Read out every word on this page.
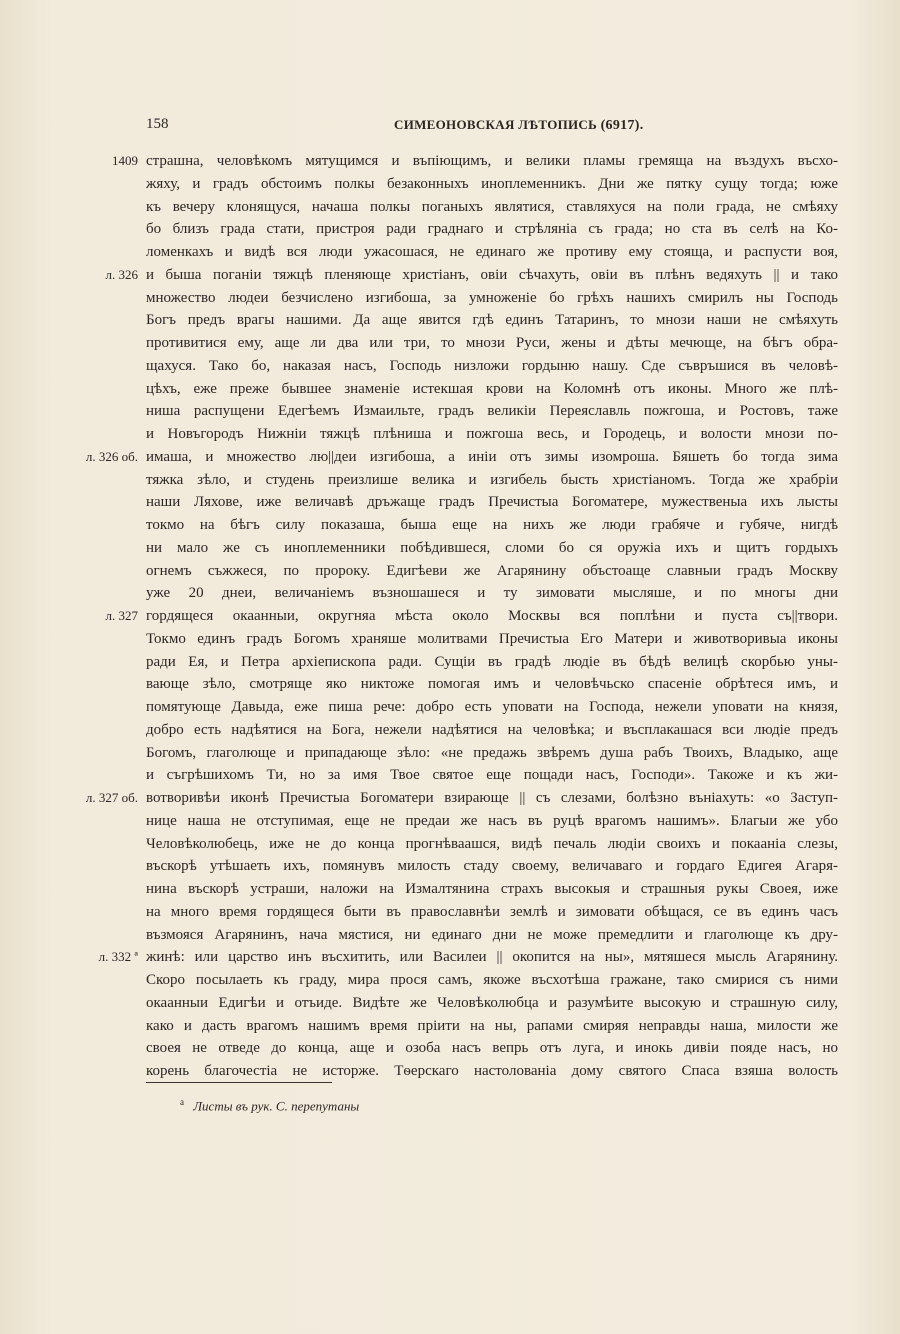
158	СИМЕОНОВСКАЯ ЛѢТОПИСЬ (6917).
1409 страшна, человѣкомъ мятущимся и въпiющимъ, и велики пламы гремяща на въздухъ въсхо-
жяху, и градъ обстоимъ полкы безаконныхъ иноплеменникъ. Дни же пятку сущу тогда; юже
къ вечеру клонящуся, начаша полкы поганыхъ являтися, ставляхуся на поли града, не смѣяху
бо близъ града стати, пристроя ради граднаго и стрѣлянiа съ града; но ста въ селѣ на Ко-
ломенкахъ и видѣ вся люди ужасошася, не единаго же противу ему стояща, и распусти воя,
л. 326 и быша поганiи тяжцѣ пленяюще христiанъ, овiи сѣчахуть, овiи въ плѣнъ ведяхуть || и тако
множество людеи безчислено изгибоша, за умноженiе бо грѣхъ нашихъ смирилъ ны Господь
Богъ предъ врагы нашими. Да аще явится гдѣ единъ Татаринъ, то мнози наши не смѣяхуть
противитися ему, аще ли два или три, то мнози Руси, жены и дѣты мечюще, на бѣгъ обра-
щахуся. Тако бо, наказая насъ, Господь низложи гордыню нашу. Сде съвръшися въ человѣ-
цѣхъ, еже преже бывшее знаменiе истекшая крови на Коломнѣ отъ иконы. Много же плѣ-
ниша распущени Едегѣемъ Измаильте, градъ великiи Переяславль пожгоша, и Ростовъ, таже
и Новъгородъ Нижнiи тяжцѣ плѣниша и пожгоша весь, и Городець, и волости мнози по-
л. 326 об. имаша, и множество лю||деи изгибоша, а инiи отъ зимы изомроша. Бяшеть бо тогда зима
тяжка зѣло, и студень преизлише велика и изгибель бысть христiаномъ. Тогда же храбрiи
наши Ляхове, иже величавѣ дръжаще градъ Пречистыа Богоматере, мужественыа ихъ лысты
токмо на бѣгъ силу показаша, быша еще на нихъ же люди грабяче и губяче, нигдѣ
ни мало же съ иноплеменники побѣдившеся, сломи бо ся оружiа ихъ и щитъ гордыхъ
огнемъ съжжеся, по пророку. Едигѣеви же Агарянину объстоаще славныи градъ Москву
уже 20 днеи, величанiемъ възношашеся и ту зимовати мысляше, и по многы дни
л. 327 гордящеся окаанныи, округняа мѣста около Москвы вся поплѣни и пуста съ||твори.
Токмо единъ градъ Богомъ храняше молитвами Пречистыа Его Матери и животворивыа иконы
ради Ея, и Петра архiепископа ради. Сущiи въ градѣ людiе въ бѣдѣ велицѣ скорбью уны-
вающе зѣло, смотряще яко никтоже помогая имъ и человѣчьско спасенiе обрѣтеся имъ, и
помятующе Давыда, еже пиша рече: добро есть уповати на Господа, нежели уповати на князя,
добро есть надѣятися на Бога, нежели надѣятися на человѣка; и въсплакашася вси людiе предъ
Богомъ, глаголюще и припадающе зѣло: «не предажь звѣремъ душа рабъ Твоихъ, Владыко, аще
и съгрѣшихомъ Ти, но за имя Твое святое еще пощади насъ, Господи». Такоже и къ жи-
л. 327 об. вотворивѣи иконѣ Пречистыа Богоматери взирающе || съ слезами, болѣзно вънiахуть: «о Заступ-
нице наша не отступимая, еще не предаи же насъ въ руцѣ врагомъ нашимъ». Благыи же убо
Человѣколюбець, иже не до конца прогнѣваашся, видѣ печаль людiи своихъ и покаанiа слезы,
въскорѣ утѣшаеть ихъ, помянувъ милость стаду своему, величаваго и гордаго Едигея Агаря-
нина въскорѣ устраши, наложи на Измалтянина страхъ высокыя и страшныя рукы Своея, иже
на много время гордящеся быти въ православнѣи землѣ и зимовати обѣщася, се въ единъ часъ
възмояся Агарянинъ, нача мястися, ни единаго дни не може премедлити и глаголюще къ дру-
л. 332 ª жинѣ: или царство инъ въсхитить, или Василеи || окопится на ны», мятяшеся мысль Агарянину.
Скоро посылаеть къ граду, мира прося самъ, якоже въсхотѣша гражане, тако смирися съ ними
окаанныи Едигѣи и отъиде. Видѣте же Человѣколюбца и разумѣите высокую и страшную силу,
како и дасть врагомъ нашимъ время прiити на ны, рапами смиряя неправды наша, милости же
своея не отведе до конца, аще и озоба насъ вепрь отъ луга, и инокь дивiи пояде насъ, но
корень благочестiа не исторже. Тѳерскаго настолованiа дому святого Спаса взяша волость
$^а$ Листы въ рук. С. перепутаны
